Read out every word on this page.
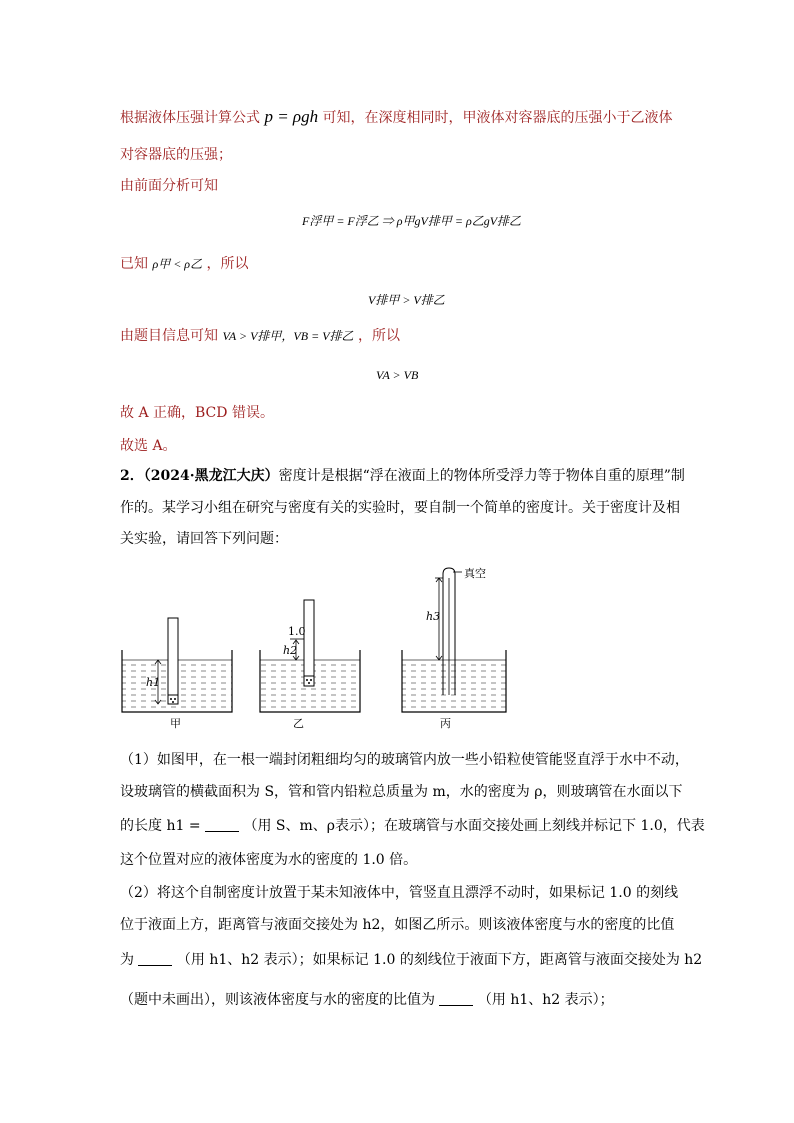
根据液体压强计算公式 p = ρgh 可知，在深度相同时，甲液体对容器底的压强小于乙液体
对容器底的压强；
由前面分析可知
F浮甲 = F浮乙 ⇒ ρ甲gV排甲 = ρ乙gV排乙
已知 ρ甲 < ρ乙 ，所以
V排甲 > V排乙
由题目信息可知 VA > V排甲，VB = V排乙 ，所以
VA > VB
故 A 正确，BCD 错误。
故选 A。
2．（2024·黑龙江大庆）密度计是根据“浮在液面上的物体所受浮力等于物体自重的原理”制
作的。某学习小组在研究与密度有关的实验时，要自制一个简单的密度计。关于密度计及相
关实验，请回答下列问题：
h1
甲
1.0
h2
乙
h3
真空
丙
（1）如图甲，在一根一端封闭粗细均匀的玻璃管内放一些小铅粒使管能竖直浮于水中不动，
设玻璃管的横截面积为 S，管和管内铅粒总质量为 m，水的密度为 ρ，则玻璃管在水面以下
的长度 h1 =	（用 S、m、ρ表示）；在玻璃管与水面交接处画上刻线并标记下 1.0，代表
这个位置对应的液体密度为水的密度的 1.0 倍。
（2）将这个自制密度计放置于某未知液体中，管竖直且漂浮不动时，如果标记 1.0 的刻线
位于液面上方，距离管与液面交接处为 h2，如图乙所示。则该液体密度与水的密度的比值
为	（用 h1、h2 表示）；如果标记 1.0 的刻线位于液面下方，距离管与液面交接处为 h2
（题中未画出），则该液体密度与水的密度的比值为	（用 h1、h2 表示）；
